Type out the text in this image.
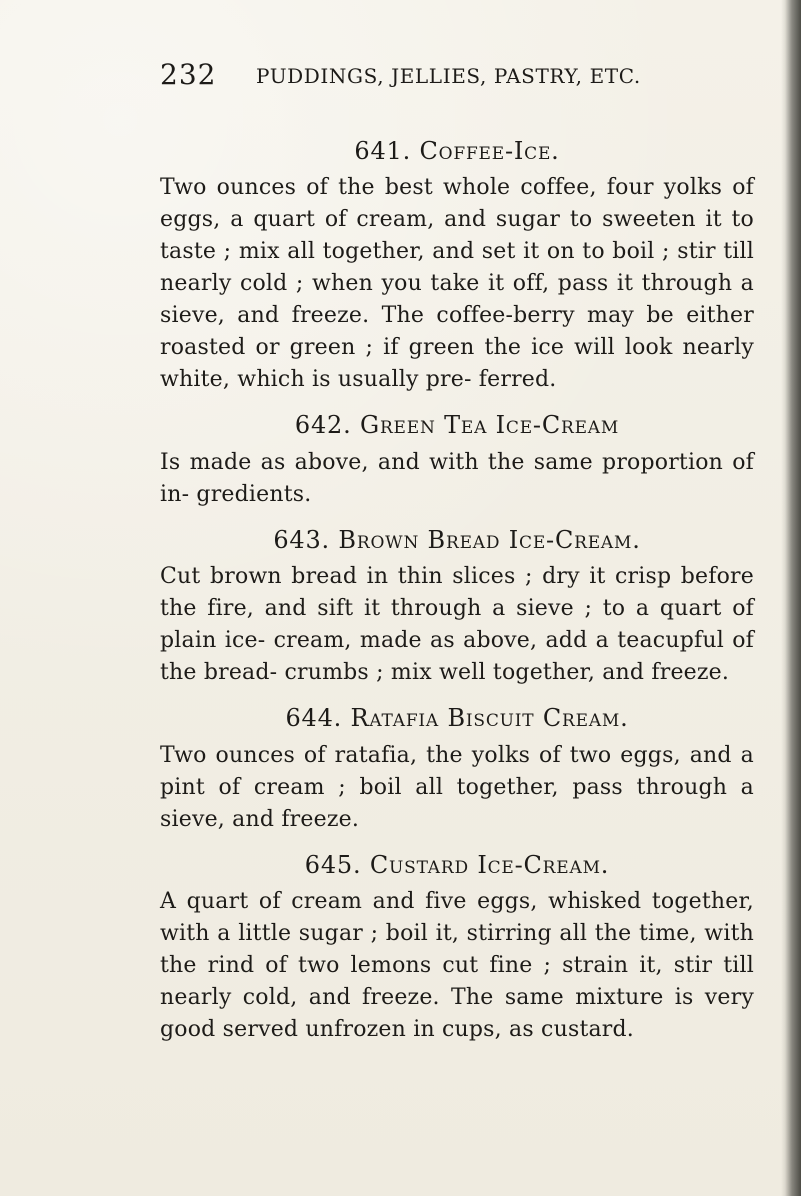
232 PUDDINGS, JELLIES, PASTRY, ETC.
641. Coffee-Ice.

Two ounces of the best whole coffee, four yolks of eggs, a quart of cream, and sugar to sweeten it to taste ; mix all together, and set it on to boil ; stir till nearly cold ; when you take it off, pass it through a sieve, and freeze. The coffee-berry may be either roasted or green ; if green the ice will look nearly white, which is usually pre- ferred.

642. Green Tea Ice-Cream

Is made as above, and with the same proportion of in- gredients.

643. Brown Bread Ice-Cream.

Cut brown bread in thin slices ; dry it crisp before the fire, and sift it through a sieve ; to a quart of plain ice- cream, made as above, add a teacupful of the bread- crumbs ; mix well together, and freeze.

644. Ratafia Biscuit Cream.

Two ounces of ratafia, the yolks of two eggs, and a pint of cream ; boil all together, pass through a sieve, and freeze.

645. Custard Ice-Cream.

A quart of cream and five eggs, whisked together, with a little sugar ; boil it, stirring all the time, with the rind of two lemons cut fine ; strain it, stir till nearly cold, and freeze. The same mixture is very good served unfrozen in cups, as custard.
